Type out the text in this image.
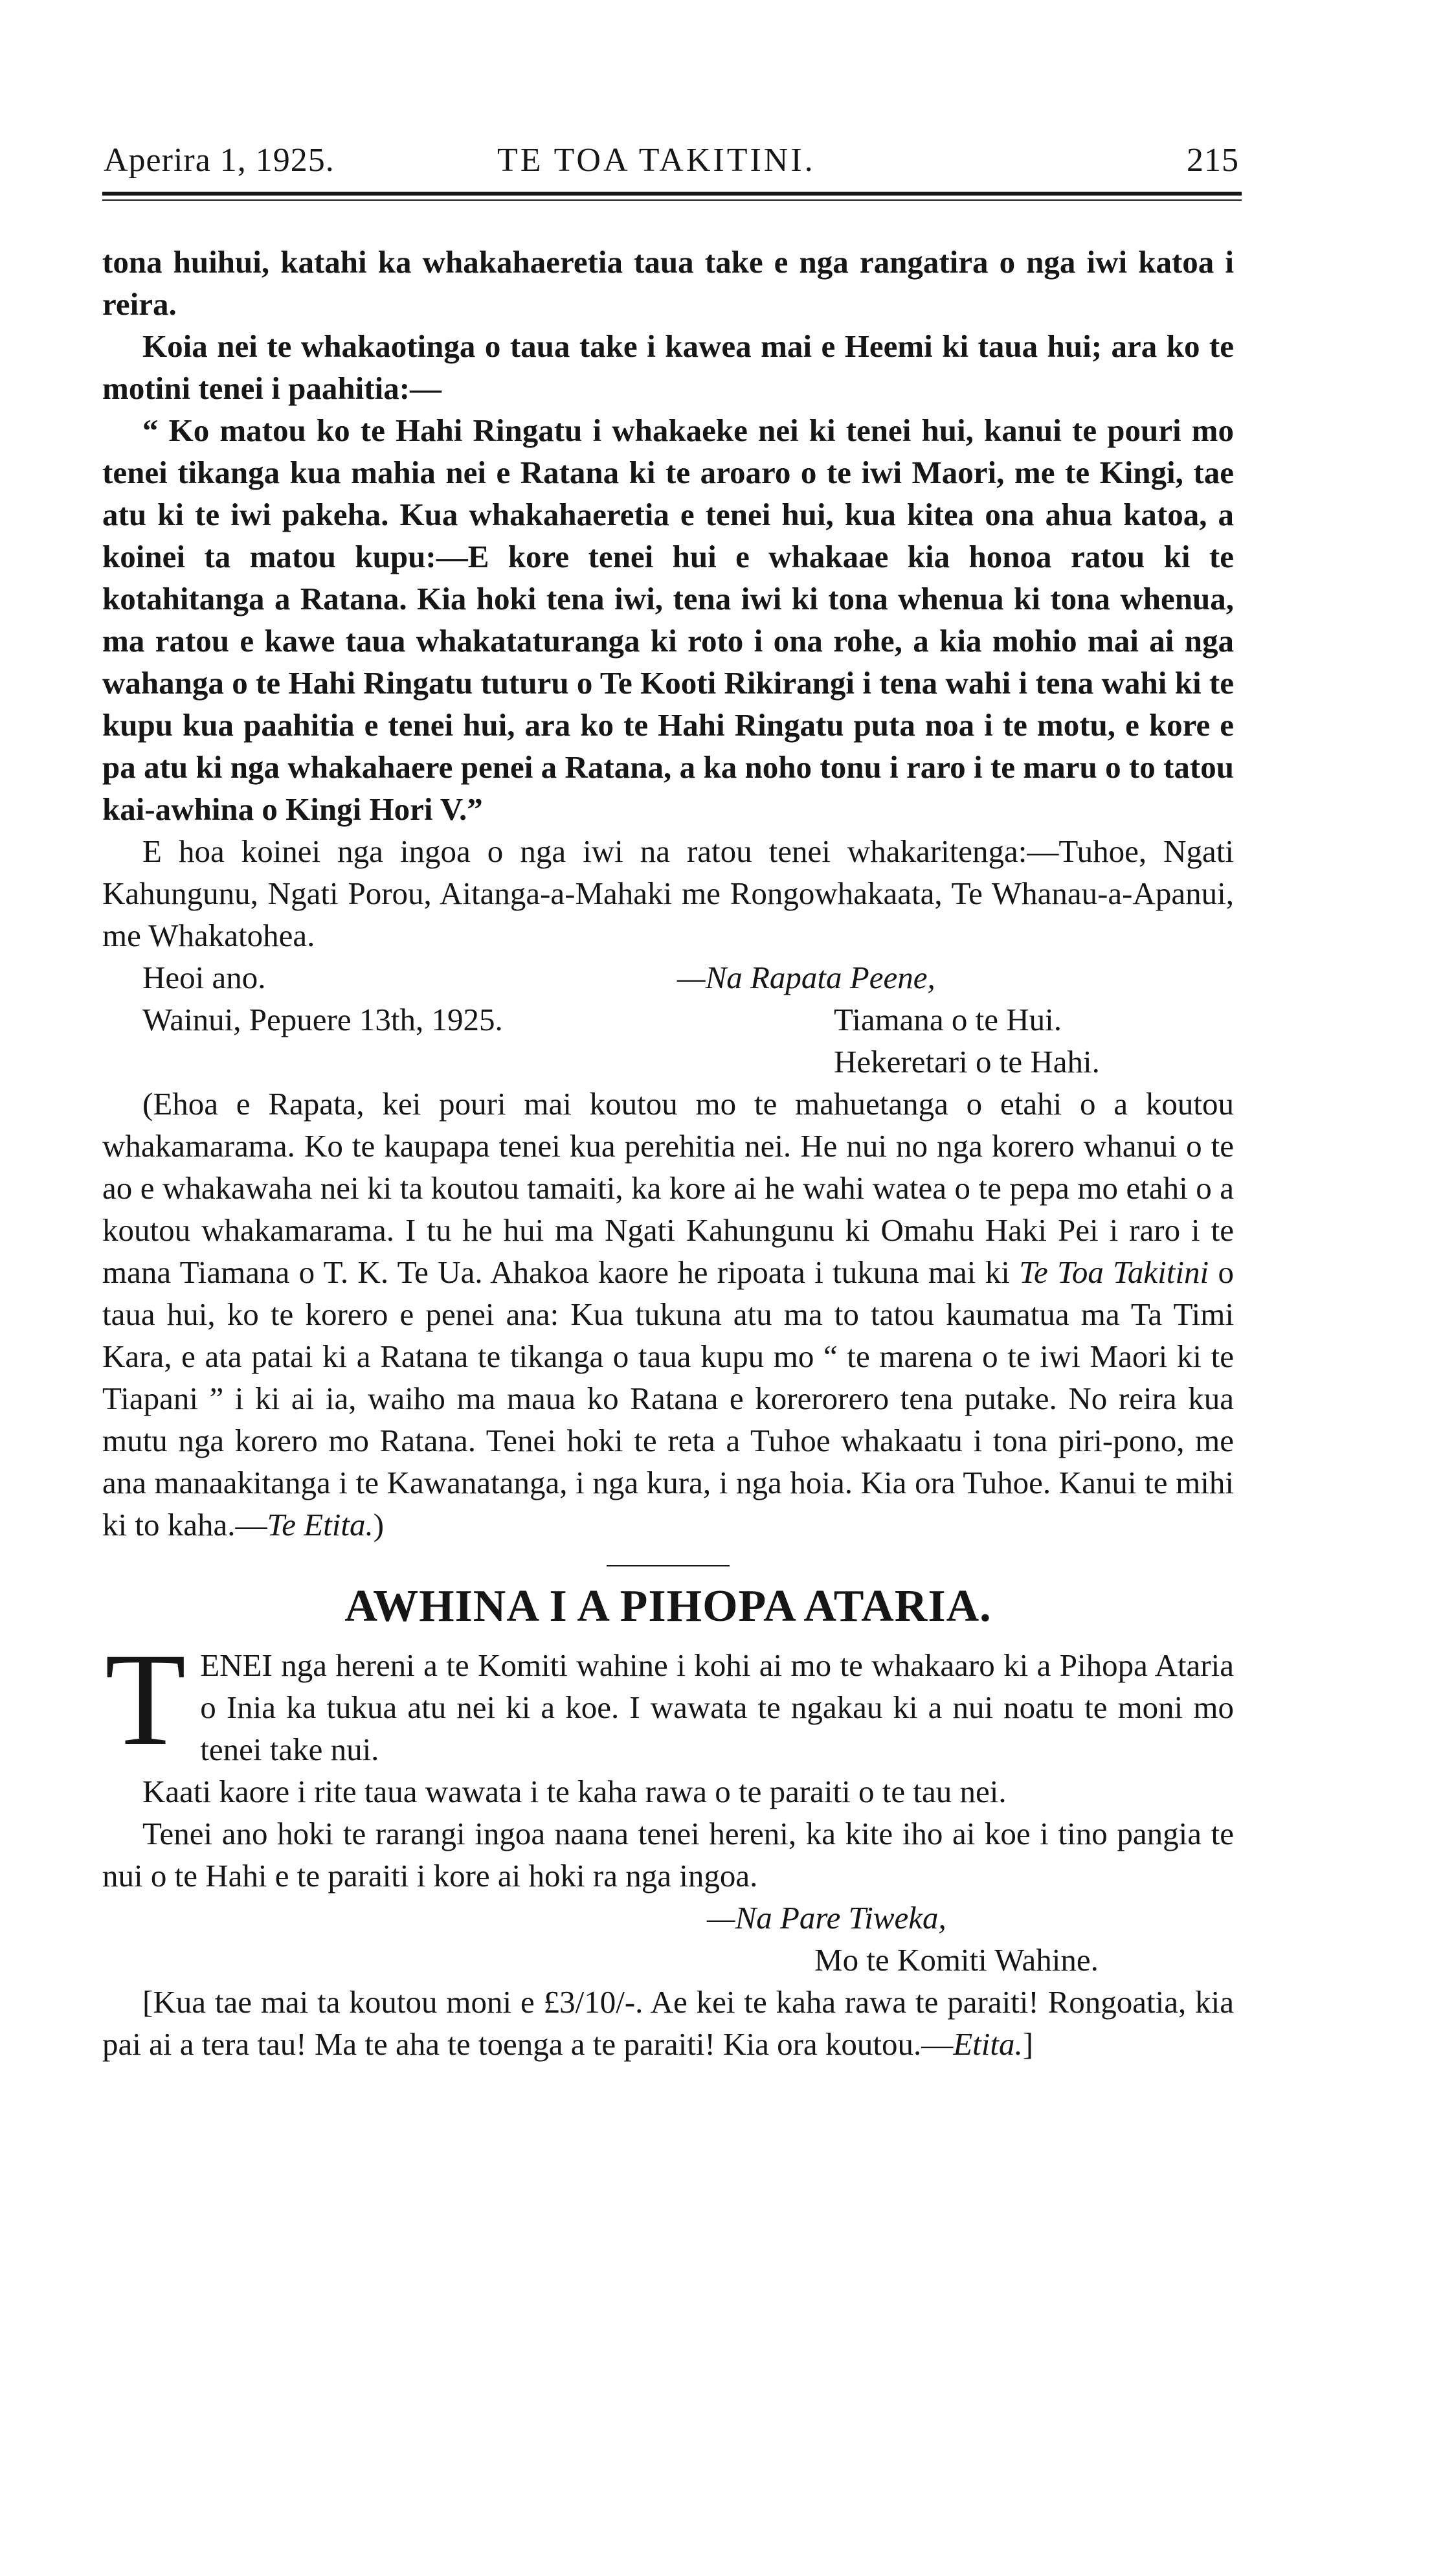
Aperira 1, 1925.	TE TOA TAKITINI.	215

tona huihui, katahi ka whakahaeretia taua take e nga rangatira o nga iwi katoa i reira.

Koia nei te whakaotinga o taua take i kawea mai e Heemi ki taua hui; ara ko te motini tenei i paahitia:—

“ Ko matou ko te Hahi Ringatu i whakaeke nei ki tenei hui, kanui te pouri mo tenei tikanga kua mahia nei e Ratana ki te aroaro o te iwi Maori, me te Kingi, tae atu ki te iwi pakeha. Kua whakahaeretia e tenei hui, kua kitea ona ahua katoa, a koinei ta matou kupu:—E kore tenei hui e whakaae kia honoa ratou ki te kotahitanga a Ratana. Kia hoki tena iwi, tena iwi ki tona whenua ki tona whenua, ma ratou e kawe taua whakataturanga ki roto i ona rohe, a kia mohio mai ai nga wahanga o te Hahi Ringatu tuturu o Te Kooti Rikirangi i tena wahi i tena wahi ki te kupu kua paahitia e tenei hui, ara ko te Hahi Ringatu puta noa i te motu, e kore e pa atu ki nga whakahaere penei a Ratana, a ka noho tonu i raro i te maru o to tatou kai-awhina o Kingi Hori V.”

E hoa koinei nga ingoa o nga iwi na ratou tenei whakaritenga:—Tuhoe, Ngati Kahungunu, Ngati Porou, Aitanga-a-Mahaki me Rongowhakaata, Te Whanau-a-Apanui, me Whakatohea.

Heoi ano.	—Na Rapata Peene,
Wainui, Pepuere 13th, 1925.	Tiamana o te Hui.
Hekeretari o te Hahi.

(Ehoa e Rapata, kei pouri mai koutou mo te mahuetanga o etahi o a koutou whakamarama. Ko te kaupapa tenei kua perehitia nei. He nui no nga korero whanui o te ao e whakawaha nei ki ta koutou tamaiti, ka kore ai he wahi watea o te pepa mo etahi o a koutou whakamarama. I tu he hui ma Ngati Kahungunu ki Omahu Haki Pei i raro i te mana Tiamana o T. K. Te Ua. Ahakoa kaore he ripoata i tukuna mai ki Te Toa Takitini o taua hui, ko te korero e penei ana: Kua tukuna atu ma to tatou kaumatua ma Ta Timi Kara, e ata patai ki a Ratana te tikanga o taua kupu mo “ te marena o te iwi Maori ki te Tiapani ” i ki ai ia, waiho ma maua ko Ratana e korerorero tena putake. No reira kua mutu nga korero mo Ratana. Tenei hoki te reta a Tuhoe whakaatu i tona piri-pono, me ana manaakitanga i te Kawanatanga, i nga kura, i nga hoia. Kia ora Tuhoe. Kanui te mihi ki to kaha.—Te Etita.)

AWHINA I A PIHOPA ATARIA.

TENEI nga hereni a te Komiti wahine i kohi ai mo te whakaaro ki a Pihopa Ataria o Inia ka tukua atu nei ki a koe. I wawata te ngakau ki a nui noatu te moni mo tenei take nui.

Kaati kaore i rite taua wawata i te kaha rawa o te paraiti o te tau nei.

Tenei ano hoki te rarangi ingoa naana tenei hereni, ka kite iho ai koe i tino pangia te nui o te Hahi e te paraiti i kore ai hoki ra nga ingoa.

—Na Pare Tiweka,
Mo te Komiti Wahine.

[Kua tae mai ta koutou moni e £3/10/-. Ae kei te kaha rawa te paraiti! Rongoatia, kia pai ai a tera tau! Ma te aha te toenga a te paraiti! Kia ora koutou.—Etita.]
